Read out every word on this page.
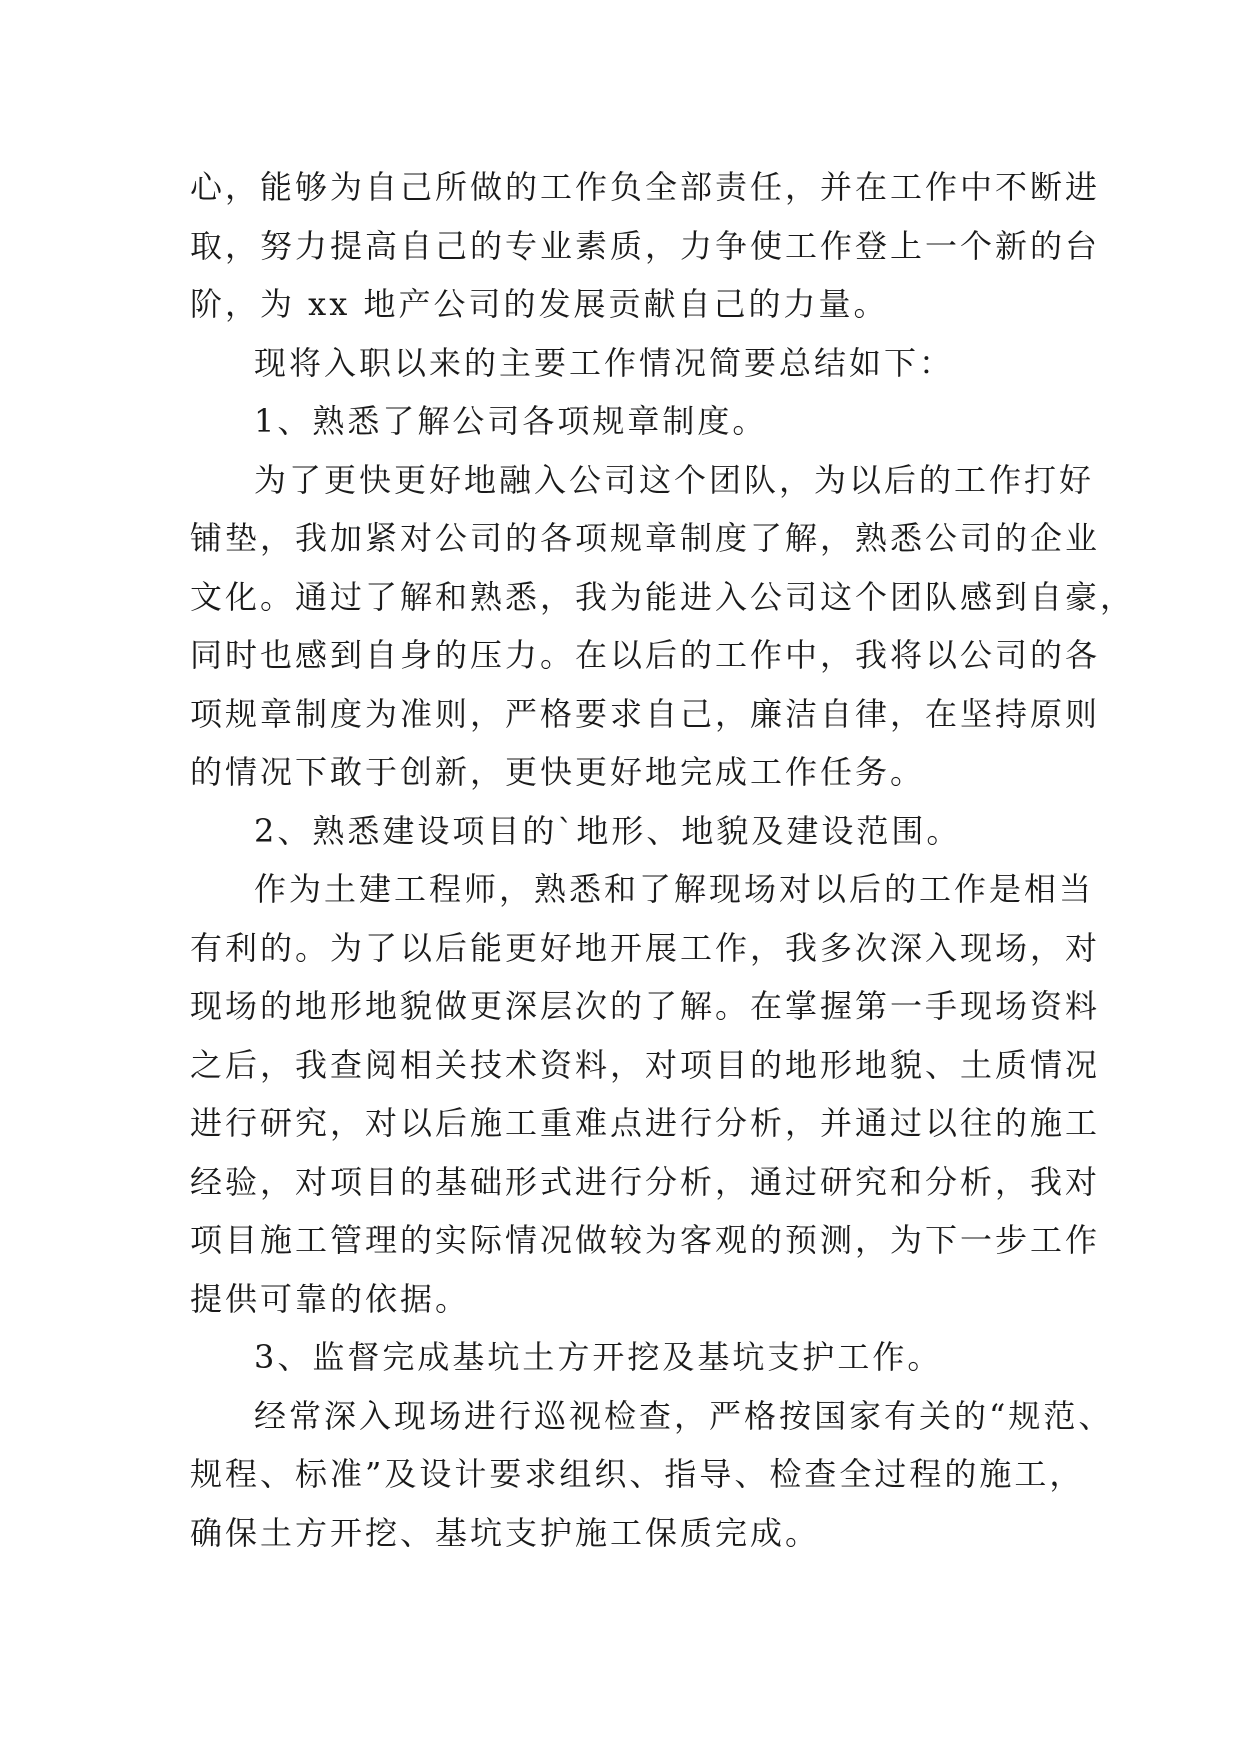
心，能够为自己所做的工作负全部责任，并在工作中不断进
取，努力提高自己的专业素质，力争使工作登上一个新的台
阶，为 xx 地产公司的发展贡献自己的力量。
现将入职以来的主要工作情况简要总结如下：
1、熟悉了解公司各项规章制度。
为了更快更好地融入公司这个团队，为以后的工作打好
铺垫，我加紧对公司的各项规章制度了解，熟悉公司的企业
文化。通过了解和熟悉，我为能进入公司这个团队感到自豪，
同时也感到自身的压力。在以后的工作中，我将以公司的各
项规章制度为准则，严格要求自己，廉洁自律，在坚持原则
的情况下敢于创新，更快更好地完成工作任务。
2、熟悉建设项目的`地形、地貌及建设范围。
作为土建工程师，熟悉和了解现场对以后的工作是相当
有利的。为了以后能更好地开展工作，我多次深入现场，对
现场的地形地貌做更深层次的了解。在掌握第一手现场资料
之后，我查阅相关技术资料，对项目的地形地貌、土质情况
进行研究，对以后施工重难点进行分析，并通过以往的施工
经验，对项目的基础形式进行分析，通过研究和分析，我对
项目施工管理的实际情况做较为客观的预测，为下一步工作
提供可靠的依据。
3、监督完成基坑土方开挖及基坑支护工作。
经常深入现场进行巡视检查，严格按国家有关的“规范、
规程、标准”及设计要求组织、指导、检查全过程的施工，
确保土方开挖、基坑支护施工保质完成。
